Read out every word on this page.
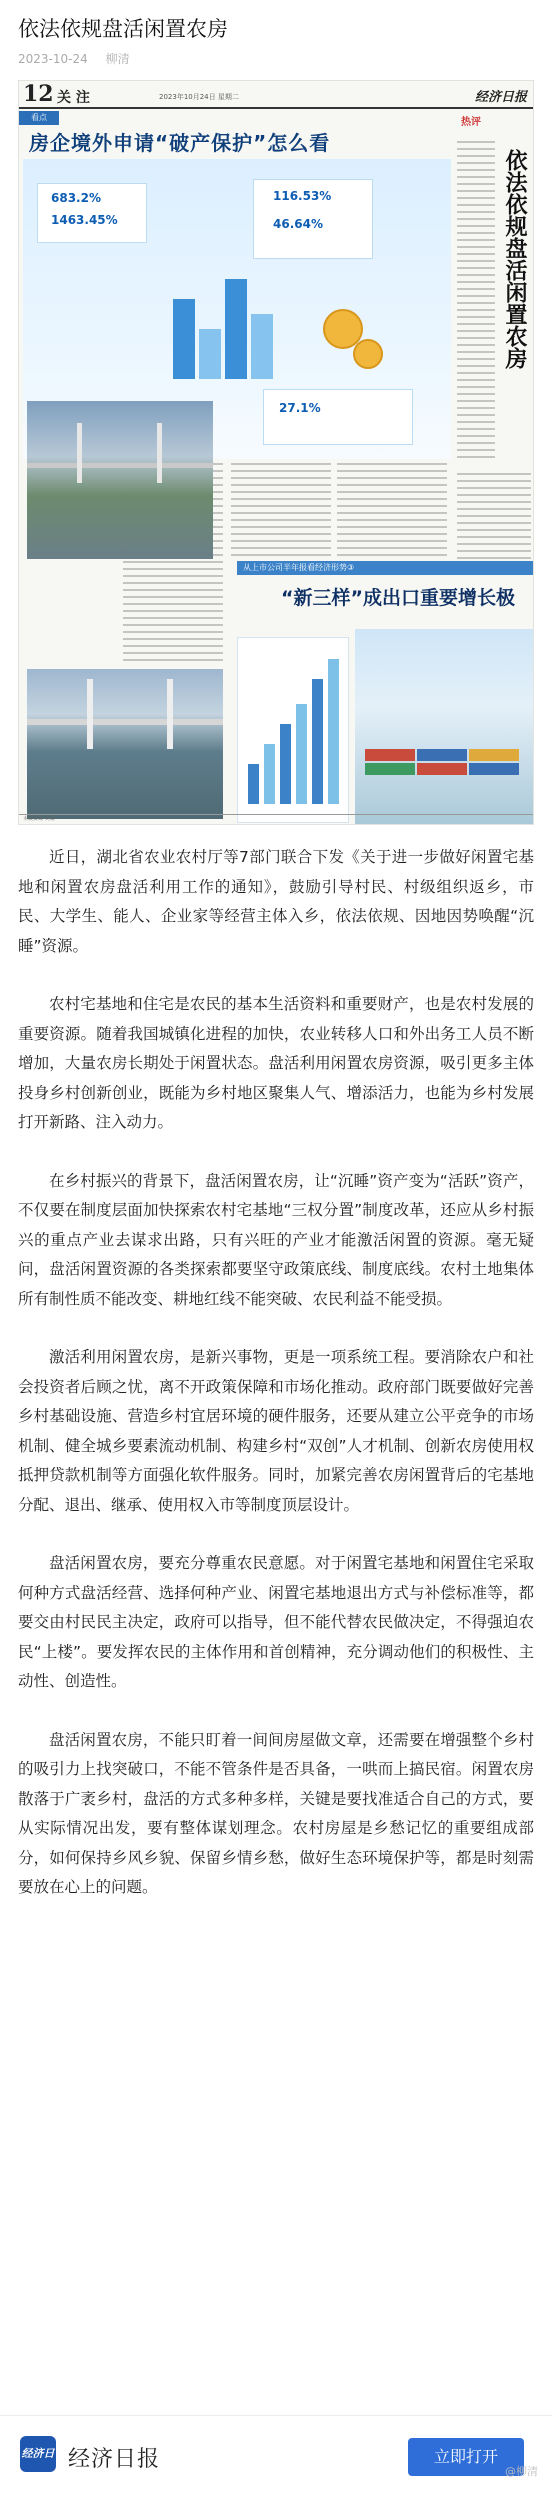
依法依规盘活闲置农房
2023-10-24 柳清
12 关 注	2023年10月24日 星期二	经济日报
看点
房企境外申请“破产保护”怎么看
683.2%
1463.45%
116.53%
46.64%
27.1%
热评
依法依规盘活闲置农房
从上市公司半年报看经济形势③
“新三样”成出口重要增长极
本版责编 美编

近日，湖北省农业农村厅等7部门联合下发《关于进一步做好闲置宅基地和闲置农房盘活利用工作的通知》，鼓励引导村民、村级组织返乡，市民、大学生、能人、企业家等经营主体入乡，依法依规、因地因势唤醒“沉睡”资源。

农村宅基地和住宅是农民的基本生活资料和重要财产，也是农村发展的重要资源。随着我国城镇化进程的加快，农业转移人口和外出务工人员不断增加，大量农房长期处于闲置状态。盘活利用闲置农房资源，吸引更多主体投身乡村创新创业，既能为乡村地区聚集人气、增添活力，也能为乡村发展打开新路、注入动力。

在乡村振兴的背景下，盘活闲置农房，让“沉睡”资产变为“活跃”资产，不仅要在制度层面加快探索农村宅基地“三权分置”制度改革，还应从乡村振兴的重点产业去谋求出路，只有兴旺的产业才能激活闲置的资源。毫无疑问，盘活闲置资源的各类探索都要坚守政策底线、制度底线。农村土地集体所有制性质不能改变、耕地红线不能突破、农民利益不能受损。

激活利用闲置农房，是新兴事物，更是一项系统工程。要消除农户和社会投资者后顾之忧，离不开政策保障和市场化推动。政府部门既要做好完善乡村基础设施、营造乡村宜居环境的硬件服务，还要从建立公平竞争的市场机制、健全城乡要素流动机制、构建乡村“双创”人才机制、创新农房使用权抵押贷款机制等方面强化软件服务。同时，加紧完善农房闲置背后的宅基地分配、退出、继承、使用权入市等制度顶层设计。

盘活闲置农房，要充分尊重农民意愿。对于闲置宅基地和闲置住宅采取何种方式盘活经营、选择何种产业、闲置宅基地退出方式与补偿标准等，都要交由村民民主决定，政府可以指导，但不能代替农民做决定，不得强迫农民“上楼”。要发挥农民的主体作用和首创精神，充分调动他们的积极性、主动性、创造性。

盘活闲置农房，不能只盯着一间间房屋做文章，还需要在增强整个乡村的吸引力上找突破口，不能不管条件是否具备，一哄而上搞民宿。闲置农房散落于广袤乡村，盘活的方式多种多样，关键是要找准适合自己的方式，要从实际情况出发，要有整体谋划理念。农村房屋是乡愁记忆的重要组成部分，如何保持乡风乡貌、保留乡情乡愁，做好生态环境保护等，都是时刻需要放在心上的问题。

经济日报
经济日报	立即打开
@柳清
